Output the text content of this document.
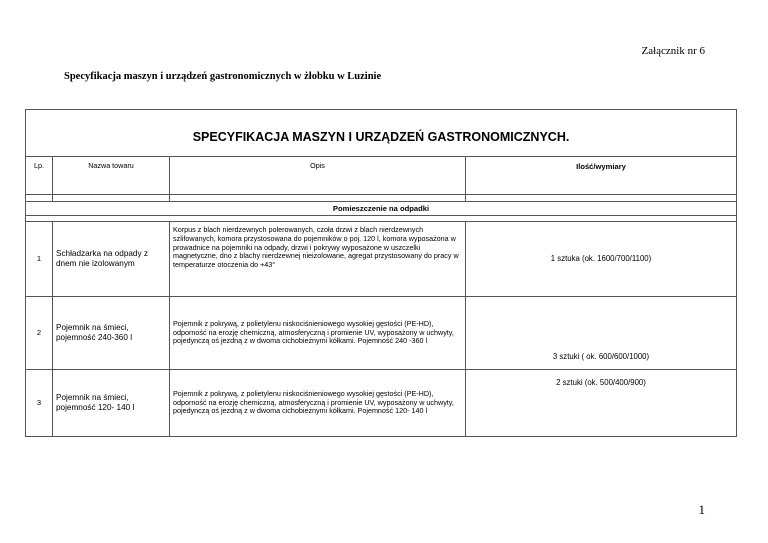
Załącznik nr 6
Specyfikacja maszyn i urządzeń gastronomicznych w żłobku w Luzinie
SPECYFIKACJA MASZYN I URZĄDZEŃ GASTRONOMICZNYCH.			
Lp.	Nazwa towaru	Opis	Ilość/wymiary

Pomieszczenie na odpadki			

1	Schładzarka na odpady z dnem nie izolowanym	Korpus z blach nierdzewnych polerowanych, czoła drzwi z blach nierdzewnych szlifowanych, komora przystosowana do pojemników o poj. 120 l, komora wyposażona w prowadnice na pojemniki na odpady, drzwi i pokrywy wyposażone w uszczelki magnetyczne, dno z blachy nierdzewnej nieizolowane, agregat przystosowany do pracy w temperaturze otoczenia do +43°	1 sztuka (ok. 1600/700/1100)
2	Pojemnik na śmieci, pojemność 240-360 l	Pojemnik z pokrywą, z polietylenu niskociśnieniowego wysokiej gęstości (PE-HD), odporność na erozję chemiczną, atmosferyczną i promienie UV, wyposażony w uchwyty, pojedynczą oś jezdną z w dwoma cichobieżnymi kółkami. Pojemność 240 -360 l	3 sztuki ( ok. 600/600/1000)
3	Pojemnik na śmieci, pojemność 120- 140 l	Pojemnik z pokrywą, z polietylenu niskociśnieniowego wysokiej gęstości (PE-HD), odporność na erozję chemiczną, atmosferyczną i promienie UV, wyposażony w uchwyty, pojedynczą oś jezdną z w dwoma cichobieżnymi kółkami. Pojemność 120- 140 l	2 sztuki (ok. 500/400/900)
1
